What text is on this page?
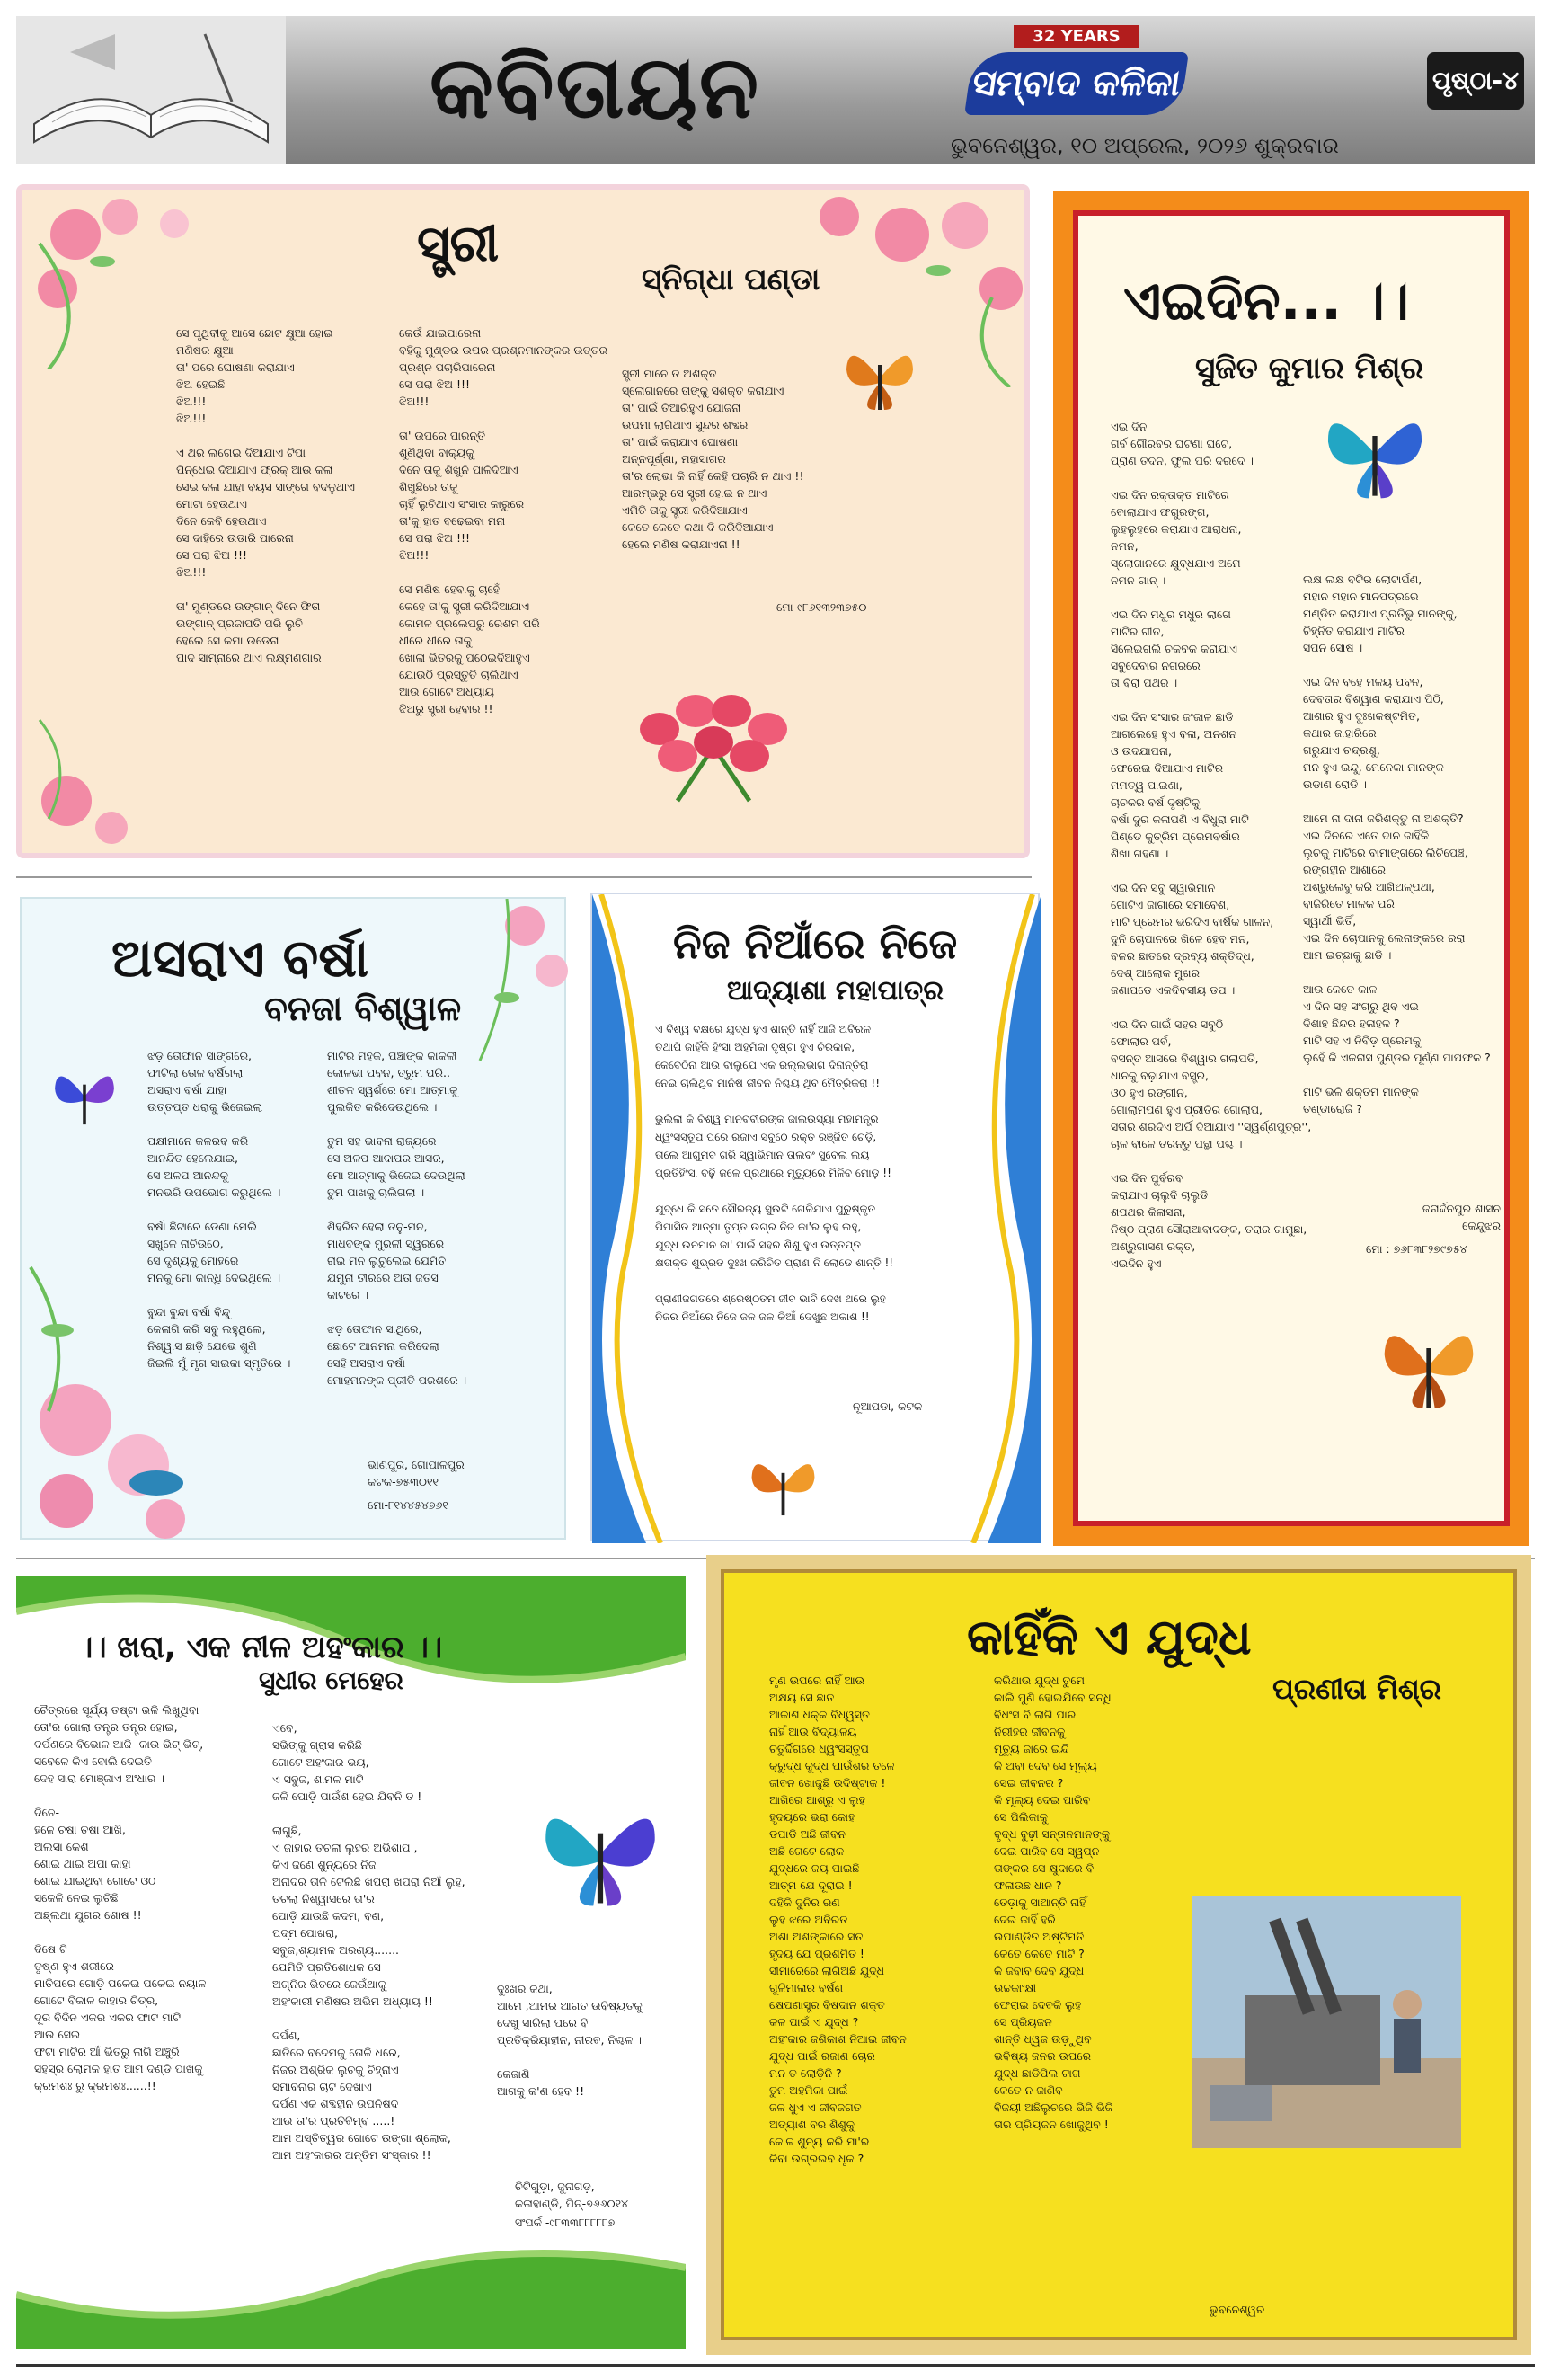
କବିତାୟନ	32 YEARS
ସମ୍ବାଦ କଳିକା
ଭୁବନେଶ୍ୱର, ୧୦ ଅପ୍ରେଲ, ୨୦୨୬ ଶୁକ୍ରବାର
ପୃଷ୍ଠା-୪
ସ୍ତ୍ରୀ
ସ୍ନିଗ୍ଧା ପଣ୍ଡା
ସେ ପୃଥିବୀକୁ ଆସେ ଛୋଟ କ୍ଷୁଆ ହୋଇ
ମଣିଷର କ୍ଷୁଆ
ତା' ପରେ ଘୋଷଣା କରାଯାଏ
ଝିଅ ହେଇଛି
ଝିଅ!!!
ଝିଅ!!!

ଏ ଥର ଲଗେଇ ଦିଆଯାଏ ଟିପା
ପିନ୍ଧେଇ ଦିଆଯାଏ ଫ୍ରକ୍ ଆଉ କଳା
ସେଇ କଳା ଯାହା ବୟସ ସାଙ୍ଗେ ବଦଳୁଥାଏ
ମୋଟା ହେଉଥାଏ
ଦିନେ କେବି ହେଉଥାଏ
ସେ ଦାହିରେ ଉଡାରି ପାରେନା
ସେ ପରା ଝିଅ !!!
ଝିଅ!!!

ତା' ମୁଣ୍ଡରେ ଉଙ୍ଗାନ୍ ଦିନେ ଫିତା
ଉଙ୍ଗାନ୍ ପ୍ରଜାପତି ପରି ଲୁଚି
ହେଲେ ସେ କମା ଉଡେନା
ପାଦ ସାମ୍ନାରେ ଥାଏ ଲକ୍ଷ୍ମଣଗାର
କେଉଁ ଯାଇପାରେନା
ବହିକୁ ମୁଣ୍ଡର ଉପର ପ୍ରଶ୍ନମାନଙ୍କର ଉତ୍ତର
ପ୍ରଶ୍ନ ପଚାରିପାରେନା
ସେ ପରା ଝିଅ !!!
ଝିଅ!!!

ତା' ଉପରେ ପାରନ୍ତି
ଶୁଣିଥିବା ବାକ୍ୟକୁ
ଦିନେ ତାକୁ ଶିଖୁନି ପାଳିଦିଆଏ
ଶିଖୁଛିରେ ତାକୁ
ଚାହିଁ ଲୁଚିଥାଏ ସଂସାର କାରୁରେ
ତା'କୁ ହାତ ବଢେଇବା ମନା
ସେ ପରା ଝିଅ !!!
ଝିଅ!!!

ସେ ମଣିଷ ହେବାକୁ ଚାହେଁ
କେହେ ତା'କୁ ସ୍ତ୍ରୀ କରିଦିଆଯାଏ
କୋମଳ ପ୍ରଲେପରୁ ରେଶମ ପରି
ଧୀରେ ଧୀରେ ତାକୁ
ଖୋଳା ଭିତରକୁ ପଠେଇଦିଆହୁଏ
ଯୋଉଠି ପ୍ରସ୍ତୁତି ଚାଲିଥାଏ
ଆଉ ଗୋଟେ ଅଧ୍ୟାୟ
ଝିଅରୁ ସ୍ତ୍ରୀ ହେବାର !!
ସ୍ତ୍ରୀ ମାନେ ତ ଅଶକ୍ତ
ସ୍ଲୋଗାନରେ ତାଙ୍କୁ ସଶକ୍ତ କରାଯାଏ
ତା' ପାଇଁ ତିଆରିହୁଏ ଯୋଜନା
ଉପମା ଲାଗିଥାଏ ସୁନ୍ଦର ଶବ୍ଦର
ତା' ପାଇଁ କରାଯାଏ ଘୋଷଣା
ଅନ୍ନପୂର୍ଣ୍ଣା, ମହାସାଗର
ତା'ର ଲୋଭା କି ନାହିଁ କେହି ପଚାରି ନ ଥାଏ !!
ଆରମ୍ଭରୁ ସେ ସ୍ତ୍ରୀ ହୋଇ ନ ଥାଏ
ଏମିତି ତାକୁ ସ୍ତ୍ରୀ କରିଦିଆଯାଏ
କେତେ କେତେ କଥା ଦି କରିଦିଆଯାଏ
ହେଲେ ମଣିଷ କରାଯାଏନା !!
ମୋ-୯୮୬୧୩୨୩୭୫୦
ଏଇଦିନ... ।।
ସୁଜିତ କୁମାର ମିଶ୍ର
ଏଇ ଦିନ
ଗର୍ବ ଗୌରବର ଘଟଣା ଘଟେ,
ପ୍ରାଣ ତଦନ, ଫୁଲ ପରି ଦରଦେ ।

ଏଇ ଦିନ ରକ୍ତାକ୍ତ ମାଟିରେ
ବୋଲାଯାଏ ଫଗୁରଙ୍ଗ,
ଲୁହଲୁହରେ କରାଯାଏ ଆରାଧନା,
ନମନ,
ସ୍ଲୋଗାନରେ କ୍ଷୁବ୍ଧଯାଏ ଅମେ
ନମନ ଗାନ୍ ।

ଏଇ ଦିନ ମଧୁର ମଧୁର ଲାଗେ
ମାଟିର ଗୀତ,
ସିଲେଇଗଲି ଚକବକ କରାଯାଏ
ସବୁଦେବାର ନଗରରେ
ତା ବିରା ପଥର ।

ଏଇ ଦିନ ସଂସାର ଜଂଜାଳ ଛାଡି
ଆଗଲେହେ ହୁଏ ବଳା, ଅନଶନ
ଓ ଉଦଯାପନା,
ଫେରେଇ ଦିଆଯାଏ ମାଟିର
ମମତ୍ୱ ପାଇଣା,
ଚାଚକର ବର୍ଷ ଦୃଷ୍ଟିକୁ
ବର୍ଷା ଦୁର କଳାପଣି ଏ ବିଧୁରା ମାଟି
ପିଣ୍ଡେ କୁତ୍ରିମ ପ୍ରେମବର୍ଷାର
ଶିଖା ଗହଣା ।

ଏଇ ଦିନ ସବୁ ସ୍ୱାଭିମାନ
ଗୋଟିଏ ଜାଗାରେ ସମାବେଶ,
ମାଟି ପ୍ରେମର ଭରିଦିଏ ବାର୍ଷିକ ଗାଳନ,
ଦୁନି ଚୋପାନରେ ଖିଳେ ହେବ ମନ,
ବଳର ଛାତରେ ଦ୍ରବ୍ୟ ଶକ୍ତିଦ୍ଧ,
ଦେଶ୍ ଆଲୋକ ମୁଖର
ଜଣାପଡେ ଏକଦିବସୀୟ ଡପ ।

ଏଇ ଦିନ ଗାଇଁ ସହର ସବୁଠି
ଫୋଲାର ପର୍ବ,
ବସନ୍ତ ଆସରେ ବିଶ୍ୱାର ଗଲାପତି,
ଧାନକୁ ବଢ଼ାଯାଏ ବସ୍ତ୍ର,
ଓଠ ହୁଏ ରଙ୍ଗୀନ,
ଗୋଲାମପଣ ହୁଏ ପ୍ରୀତିର ଗୋଲାପ,
ସତାର ଶରଦିଏ ଅର୍ପି ଦିଆଯାଏ ''ସ୍ୱର୍ଣ୍ଣପୁତ୍ର'',
ଚାଳ ବାଳେ ତରନ୍ତୁ ପନ୍ଥା ପଶ୍ଚ ।

ଏଇ ଦିନ ପୁର୍ବରବ
କରାଯାଏ ଚାଲୁଦି ଚାଲୁଡି
ଶପଥର କିଳାସନା,
ନିଷ୍ଠ ପ୍ରାଣ ସୌରାଆବାଦଙ୍କ, ତରାର ଗାମୁଛା,
ଅଶ୍ରୁଗାସଣ ରକ୍ତ,
ଏଇଦିନ ହୁଏ
ଲକ୍ଷ ଲକ୍ଷ ବଟିର ଲୋଟାର୍ପଣ,
ମହାନ ମହାନ ମାନପତ୍ରରେ
ମଣ୍ଡିତ କରାଯାଏ ପ୍ରତିଭୁ ମାନଙ୍କୁ,
ଚିହ୍ନିତ କରାଯାଏ ମାଟିର
ସପନ ସୋଷ ।

ଏଇ ଦିନ ବହେ ମଳୟ ପବନ,
ଦେବତାର ବିଶ୍ୱାଣ କରାଯାଏ ପିଠି,
ଆଶାର ହୁଏ ଦୁଃଖକଷ୍ଟମିତ,
କଥାର ଜାହାରିରେ
ଗରୁଯାଏ ଚନ୍ଦ୍ରଶୁ,
ମନ ହୁଏ ଇନ୍ଦୁ, ମେନେକା ମାନଙ୍କ
ଉଡାଣ ରୋଡି ।

ଆମେ ନା ଦାନା ଜରିଶକ୍ତୁ ନା ଅଶକ୍ତି?
ଏଇ ଦିନରେ ଏତେ ଦାନ ଜାହିଁକି
ଲୁଚକୁ ମାଟିରେ ବାମାଙ୍ଗରେ ଲିଚିପେଞ୍ଚି,
ରଙ୍ଗହୀନ ଆଶାରେ
ଅଶ୍ରୁଲେବୁ କରି ଆଖିଅଳ୍ପଥା,
ବାଜିରିତେ ମାଳକ ପରି
ସ୍ୱାର୍ଥୀ ଭିତିଁ,
ଏଇ ଦିନ ଚୋପାନକୁ ଲେନାଙ୍କରେ ରରା
ଆମ ଇଚ୍ଛାକୁ ଛାଡି ।

ଆଉ କେତେ କାଳ
ଏ ଦିନ ସହ ସଂଗ୍ରୁ ଥିବ ଏଇ
ଦିଶାହ ଛିନ୍ଦର ହଳାହଳ ?
ମାଟି ସହ ଏ ନିବିଡ଼ ପ୍ରେମକୁ
ଲୁହେଁ କି ଏକନାସ ପୁଣ୍ଡର ପୂର୍ଣ୍ଣ ପାପଫଳ ?

ମାଟି ଭଳି ଶକ୍ତମ ମାନଙ୍କ
ତଣ୍ଡାରୋଜି ?
ଜନାର୍ଦ୍ଦନପୁର ଶାସନ
କେନ୍ଦୁଝର
ମୋ : ୭୬୮୩୮୨୭୯୭୫୪
ଅସରାଏ ବର୍ଷା
ବନଜା ବିଶ୍ୱାଳ
ଝଡ଼ ତୋଫାନ ସାଙ୍ଗରେ,
ଫାଟିଲା ତୋଳ ବର୍ଷିଗଲା
ଅସରାଏ ବର୍ଷା ଯାହା
ଉତ୍ତପ୍ତ ଧରାକୁ ଭିଜେଇଲା ।

ପକ୍ଷୀମାନେ କଳରବ କରି
ଆନନ୍ଦିତ ହେଲେଯାଇ,
ସେ ଅଳପ ଆନନ୍ଦକୁ
ମନଭରି ଉପଭୋଗ କରୁଥିଲେ ।

ବର୍ଷା ଛିଟାରେ ଡେଣା ମେଲି
ସଖୁଳେ ନାଚିଉଠେ,
ସେ ଦୃଶ୍ୟକୁ ମୋହରେ
ମନକୁ ମୋ କାନ୍ଧି ଦେଇଥିଲେ ।

ବୁନ୍ଦା ବୁନ୍ଦା ବର୍ଷା ବିନ୍ଦୁ
କେଳାଗି କରି ସବୁ ଲହୁଥିଲେ,
ନିଶ୍ୱାସ ଛାଡ଼ି ଯେଭେ ଶୁଣି
ଜିଇଲି ମୁଁ ମୃଗ ସାଇକା ସ୍ମୃତିରେ ।
ମାଟିର ମହକ, ପଞ୍ଚାଙ୍କ କାକଳୀ
କୋଳଭା ପବନ, ତ୍ରୁମ ପରି..
ଶୀତଳ ସ୍ୱର୍ଶରେ ମୋ ଆତ୍ମାକୁ
ପୁଲକିତ କରିଦେଉଥିଲେ ।

ତୁମ ସହ ଭାବନା ରାଜ୍ୟରେ
ସେ ଅଳପ ଆଦାପର ଆସର,
ମୋ ଆତ୍ମାକୁ ଭିଜେଇ ଦେଉଥିଲା
ତୁମ ପାଖକୁ ଚାଲିଗଲା ।

ଶିହରିତ ହେଲା ତନୁ-ମନ,
ମାଧବଙ୍କ ମୁରଳୀ ସ୍ୱରରେ
ରାଇ ମନ ଲୁଚୁଲେଇ ଯେମିତି
ଯମୁନା ତୀରରେ ଅତା ଜତସ
କାଟରେ ।

ଝଡ଼ ତୋଫାନ ସାଥିରେ,
ଛୋଟେ ଆନମନା କରିଦେଲା
ସେହି ଅସରାଏ ବର୍ଷା
ମୋହମନଙ୍କ ପ୍ରୀତି ପରଶରେ ।
ଭାଣପୁର, ଗୋପାଳପୁର
କଟକ-୭୫୩୦୧୧
ମୋ-୮୧୪୪୫୪୭୬୧
ନିଜ ନିଆଁରେ ନିଜେ
ଆଦ୍ୟାଶା ମହାପାତ୍ର
ଏ ବିଶ୍ୱ ବକ୍ଷରେ ଯୁଦ୍ଧ ହୁଏ ଶାନ୍ତି ନାହିଁ ଆଜି ଅବିରଳ
ତଥାପି ଜାହିଁକି ହିଂସା ଅହମିକା ଦୃଷ୍ଟା ହୁଏ ଚିରକାଳ,
କେବେଠିନା ଆଉ ବାଲୁଯେ ଏକ ରଲ୍ଲଭାଗ ଦିନାନ୍ତିରା
ନେଇ ଚାଲିଥିବ ମାନିଷ ଜୀବନ ନିଶ୍ଚୟ ଥିବ ମୈତ୍ରିକରା !!

ଭୁଲିଲା କି ବିଶ୍ୱ ମାନବବୀରଙ୍କ ଜାଲଉସ୍ୟା ମହାମନ୍ତ୍ର
ଧ୍ୱଂସସ୍ତୂପ ପରେ ରଜାଏ ସବୁଠେ ରକ୍ତ ରଞ୍ଜିତ ଚେଡ଼ି,
ତାଲେ ଆଗୁମବ ଗରି ସ୍ୱାଭିମାନ ତାଲବଂ ସୁବେଲ ଲୟ
ପ୍ରତିହିଂସା ବଢ଼ି ଜଳେ ପ୍ରଥାରେ ମୃତ୍ୟୁରେ ମିଳିବ ମୋଡ଼ !!

ଯୁଦ୍ଧେ କି ସତେ ସୌରଜ୍ୟ ସୁଉଟି ଗେଳିଯାଏ ପୁରୁଷ୍କୃତ
ପିପାସିତ ଆତ୍ମା ତୃପ୍ତ ଉଗ୍ର ନିଜ କା'ର ଲୁହ ଲହୁ,
ଯୁଦ୍ଧ ଉନମାନ ଜା' ପାଇଁ ସହର ଶିଶୁ ହୁଏ ଉତ୍ତପ୍ତ
କ୍ଷତାକ୍ତ ଶୁଭ୍ରତ ଦୁଃଖ ଜରିଚିତ ପ୍ରାଣ ନି ଲୋଡେ ଶାନ୍ତି !!

ପ୍ରାଣୀଜଗତରେ ଶ୍ରେଷ୍ଠତମ ଜୀବ ଭାବି ଦେଖ ଥରେ ଲୁହ
ନିଜର ନିଆଁରେ ନିଜେ ଜଳ ଜଳ କିଆଁ ଦେଖୁଛ ଅକାଶ !!
ନୂଆପଡା, କଟକ
।। ଖରା, ଏକ ନୀଳ ଅହଂକାର ।।
ସୁଧୀର ମେହେର
ଚୈତ୍ରରେ ସୂର୍ଯ୍ୟ ତଷ୍ଟା ଭଳି ଲିଖୁଥିବା
ତୋ'ର ଗୋଲା ତନ୍ତ୍ର ତନ୍ତ୍ର ହୋଇ,
ଦର୍ପଣରେ ବିଭୋଳ ଆଜି -କାଉ ଭିଟ୍ ଭିଟ୍,
ସବେଳେ କିଏ ବୋଲି ଦେଇତି
ଦେହ ସାରା ମୋଞ୍ଜାଏ ଅଂଧାର ।

ଦିନେ-
ହଳେ ଚଷା ତଷା ଆଖି,
ଅଲସା କେଶ
ଶୋଇ ଥାଇ ଅପା କାହା
ଶୋଇ ଯାଇଥିବା ଗୋଟେ ଓଠ
ସକେଳି ନେଇ ଲୁଚିଛି
ଅଛ୍ଲଥା ଯୁଗର ଶୋଷ !!

ଦିଷେ ଟି
ତୃଷ୍ଣ ହୁଏ ଶରୀରେ
ମାତିପରେ ଗୋଡ଼ି ପକେଇ ପକେଇ ନୟାଳ
ଗୋଟେ ବିକାଳ କାହାର ଚିତ୍ର,
ଦୂର ବିଦିନ ଏକର ଏକର ଫାଟ ମାଟି
ଆଉ ସେଇ
ଫଟା ମାଟିର ଆଁ ଭିତରୁ ଲାଗି ଅଞ୍ଚୁରି
ସହସ୍ର ଲୋମକ ହାତ ଆମ ଦଣ୍ଡି ପାଖକୁ
କ୍ରମଶଃ ରୁ କ୍ରମଶଃ......!!
ଏବେ,
ସଭିଙ୍କୁ ଗ୍ରାସ କରିଛି
ଗୋଟେ ଅହଂକାର ଭୟ,
ଏ ସବୁଜ, ଶାମଳ ମାଟି
ଜଳି ପୋଡ଼ି ପାଉଁଶ ହେଇ ଯିବନି ତ !

ଲାଗୁଛି,
ଏ ଜାହାର ତଚଲା ଲୁହର ଅଭିଶାପ ,
କିଏ ଜଣେ ଶୁନ୍ୟରେ ନିଜ
ଅନାଦର ତାଳି ଟେଲିଛି ଖପରା ଖପରା ନିଆଁ ଲୁହ,
ତଚଲା ନିଶ୍ୱାସରେ ତା'ର
ପୋଡ଼ି ଯାଉଛି କଦମ, ବଣ,
ପଦ୍ମ ପୋଖରା,
ସବୁଜ,ଶ୍ୟାମଳ ଅରଣ୍ୟ.......
ଯେମିତି ପ୍ରତିଶୋଧକ ସେ
ଅଗ୍ନିର ଭିତରେ ଜେଉଁଥାକୁ
ଅହଂକାରୀ ମଣିଷର ଅଭିମ ଅଧ୍ୟାୟ !!

ଦର୍ପଣ,
ଛାତିରେ ବଦେମକୁ ତୋଳି ଧରେ,
ନିଜର ଅଶ୍ରିକ ଲୁଚକୁ ଚିହ୍ନାଏ
ସମାବନାର ଚାଟ ଦେଖାଏ
ଦର୍ପଣ ଏକ ଶବ୍ଦହୀନ ଉପନିଷଦ
ଆଉ ତା'ର ପ୍ରତିବିମ୍ବ .....!
ଆମ ଅସ୍ତିତ୍ୱର ଗୋଟେ ଉଙ୍ଗା ଶ୍ଲୋକ,
ଆମ ଅହଂକାରର ଅନ୍ତିମ ସଂସ୍କାର !!
ଦୁଃଖର କଥା,
ଆମେ ,ଆମର ଆଗତ ଉବିଷ୍ୟତକୁ
ଦେଖୁ ସାରିଲା ପରେ ବି
ପ୍ରତିକ୍ରିୟାହୀନ, ନୀରବ, ନିଶ୍ଚଳ ।

କେଜାଣି
ଆଗକୁ କ'ଣ ହେବ !!
ଚିଟିଗୁଡ଼ା, ଜୁନାଗଡ଼,
କଳାହାଣ୍ଡି, ପିନ୍-୭୬୬୦୧୪
ସଂପର୍କ -୯୮୩୩୮୮୮୮୮୭
କାହିଁକି ଏ ଯୁଦ୍ଧ
ପ୍ରଣୀତା ମିଶ୍ର
ମୃଣ ଉପରେ ନାହିଁ ଆଉ
ଅକ୍ଷୟ ସେ ଛାତ
ଆକାଶ ଧକ୍କ ବିଧ୍ୱସ୍ତ
ନାହିଁ ଆଉ ବିଦ୍ୟାଳୟ
ଚତୁର୍ଦ୍ଦିଗରେ ଧ୍ୱଂସସ୍ତୂପ
କ୍ରୁଦ୍ଧ କୁଦ୍ଧ ପାଉଁଶର ତଳେ
ଜୀବନ ଖୋଜୁଛି ଉଦିଷ୍ଟାକ !
ଆଖିରେ ଆଶ୍ରୁ ଏ ଲୁହ
ହୃଦୟରେ ଭରା କୋହ
ଡପାଡି ଅଛି ଜୀବନ
ଅଛି ଗେଟେ ଲୋକ
ଯୁଦ୍ଧରେ ଜୟ ପାଇଛି
ଆତ୍ମ ଯେ ଦୂରାଇ !
ଦହିକି ଦୁନିର ରଣ
ଲୁହ ଝରେ ଅବିରତ
ଅଶା ଅଶଙ୍କାରେ ସତ
ହୃଦୟ ଯେ ପ୍ରଶମିତ !
ସୀମାରେରେ ଲାଗିଅଛି ଯୁଦ୍ଧ
ଗୁଳିମାଳାର ବର୍ଷଣ
କ୍ଷେପଣାସ୍ତ୍ର ବିଷଦାନ ଶକ୍ତ
କଳ ପାଇଁ ଏ ଯୁଦ୍ଧ ?
ଅହଂକାର ଜଶିକାଶ ନିଆଇ ଜୀବନ
ଯୁଦ୍ଧ ପାଇଁ ରଜାଣ ଚୋର
ମନ ତ ଲୋଡ଼ିନି ?
ତୁମ ଅହମିକା ପାଇଁ
ଜଳ ଧୁଏ ଏ ଜୀବଜଗତ
ଅତ୍ୟାଶ ବର ଶିଶୁକୁ
କୋଳ ଶୁନ୍ୟ କରି ମା'ର
କିବା ଉଗ୍ରଇବ ଧୃକ ?
କରିଥାଉ ଯୁଦ୍ଧ ତୁମେ
କାଲି ପୁଣି ହୋଇଯିବେ ସନ୍ଧି
ବିଧଂସ ବି ଲାଗି ପାର
ନିରୀହର ଜୀବନକୁ
ମୃତ୍ୟୁ ଜାରେ ଇନ୍ଦି
କି ଅବା ଦେବ ସେ ମୂଲ୍ୟ
ସେଇ ଜୀବନର ?
କି ମୂଲ୍ୟ ଦେଇ ପାରିବ
ସେ ପିଲିକାକୁ
ବୃଦ୍ଧ ବୁଢ଼ୀ ସନ୍ତାନମାନଙ୍କୁ
ଦେଇ ପାରିବ ସେ ସ୍ୱପ୍ନ
ତାଙ୍କର ସେ କ୍ଷୁଦାରେ ବି
ଫଳାଉଛ ଧାନ ?
ତେଡ଼ାକୁ ସାଆନ୍ତି ନାହିଁ
ଦେଇ ଜାହିଁ ହରି
ଉପାଣ୍ଡିତ ଅଷ୍ଟିମତି
କେତେ କେତେ ମାଟି ?
କି ଜବାବ ଦେବ ଯୁଦ୍ଧ
ଉଚ୍ଚକାଂକ୍ଷୀ
ଫେରାଇ ଦେବକି ଲୁହ
ସେ ପ୍ରିୟଜନ
ଶାନ୍ତି ଧ୍ୱଜ ଉଡ଼ୁଥିବ
ଭବିଷ୍ୟ ଜନର ଉପରେ
ଯୁଦ୍ଧ ଛାଡିପିଲ ଟାଗ
କେତେ ନ ଜାଣିବ
ବିଜୟୀ ଅଛିଲୁଚରେ ଭିଜି ଭିଜି
ତାର ପ୍ରିୟଜନ ଖୋଜୁଥିବ !
ଭୁବନେଶ୍ୱର
